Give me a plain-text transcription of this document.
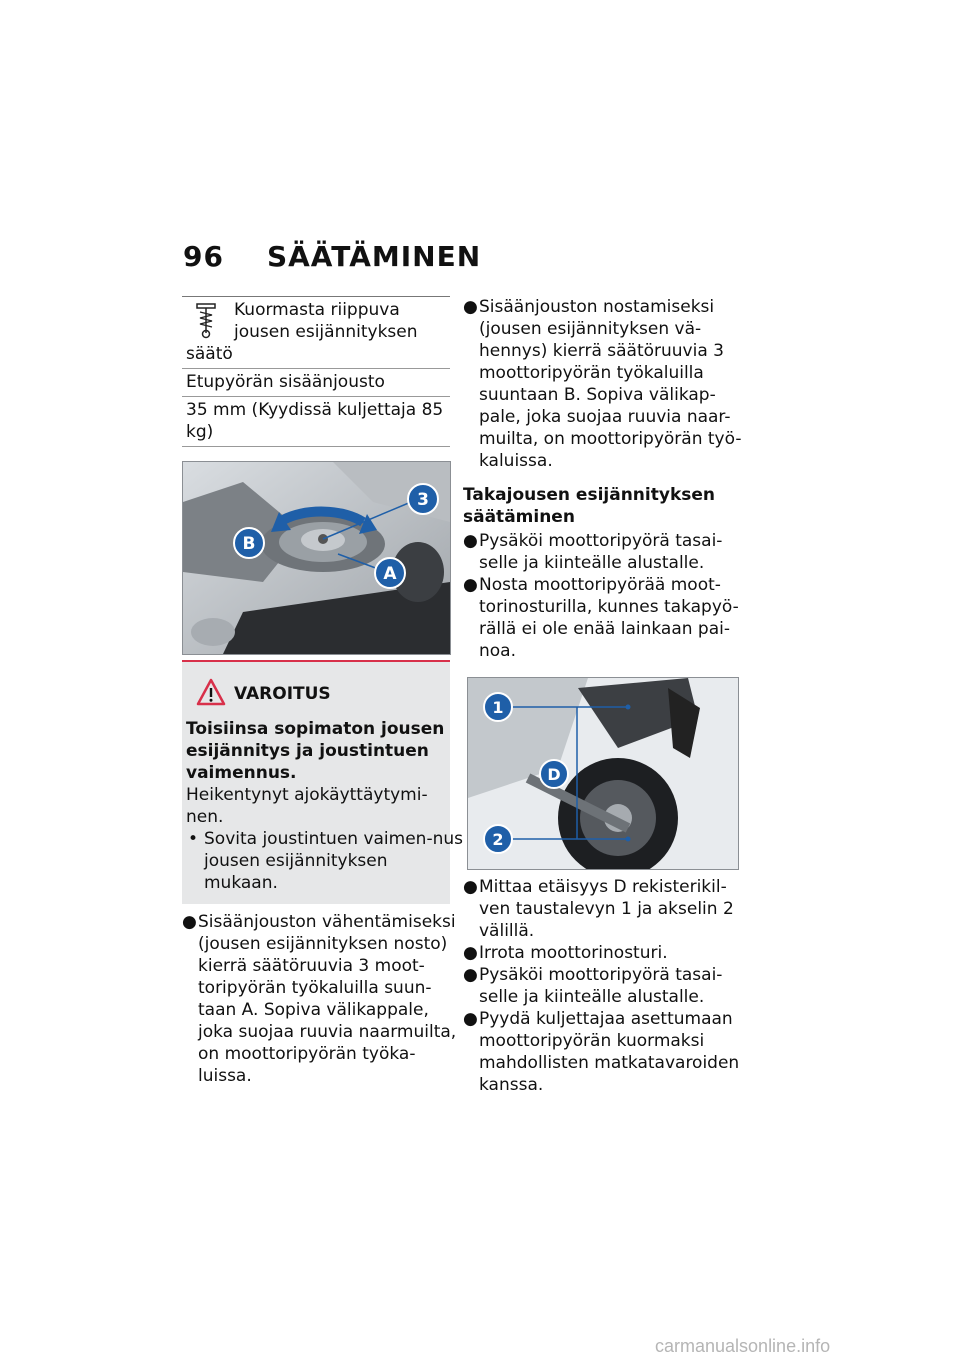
96 SÄÄTÄMINEN
Kuormasta riippuva
jousen esijännityksen
säätö
Etupyörän sisäänjousto
35 mm (Kyydissä kuljettaja 85 kg)
B
A
3
VAROITUS
Toisiinsa sopimaton jousen esijännitys ja joustintuen vaimennus.
Heikentynyt ajokäyttäytymi-nen.
• Sovita joustintuen vaimen-nus jousen esijännityksen mukaan.
● Sisäänjouston vähentämiseksi (jousen esijännityksen nosto) kierrä säätöruuvia 3 moot-toripyörän työkaluilla suun-taan A. Sopiva välikappale, joka suojaa ruuvia naarmuilta, on moottoripyörän työka-luissa.
● Sisäänjouston nostamiseksi (jousen esijännityksen vä-hennys) kierrä säätöruuvia 3 moottoripyörän työkaluilla suuntaan B. Sopiva välikap-pale, joka suojaa ruuvia naar-muilta, on moottoripyörän työ-kaluissa.
Takajousen esijännityksen säätäminen
● Pysäköi moottoripyörä tasai-selle ja kiinteälle alustalle.
● Nosta moottoripyörää moot-torinosturilla, kunnes takapyö-rällä ei ole enää lainkaan pai-noa.
1
D
2
● Mittaa etäisyys D rekisterikil-ven taustalevyn 1 ja akselin 2 välillä.
● Irrota moottorinosturi.
● Pysäköi moottoripyörä tasai-selle ja kiinteälle alustalle.
● Pyydä kuljettajaa asettumaan moottoripyörän kuormaksi mahdollisten matkatavaroiden kanssa.
carmanualsonline.info
